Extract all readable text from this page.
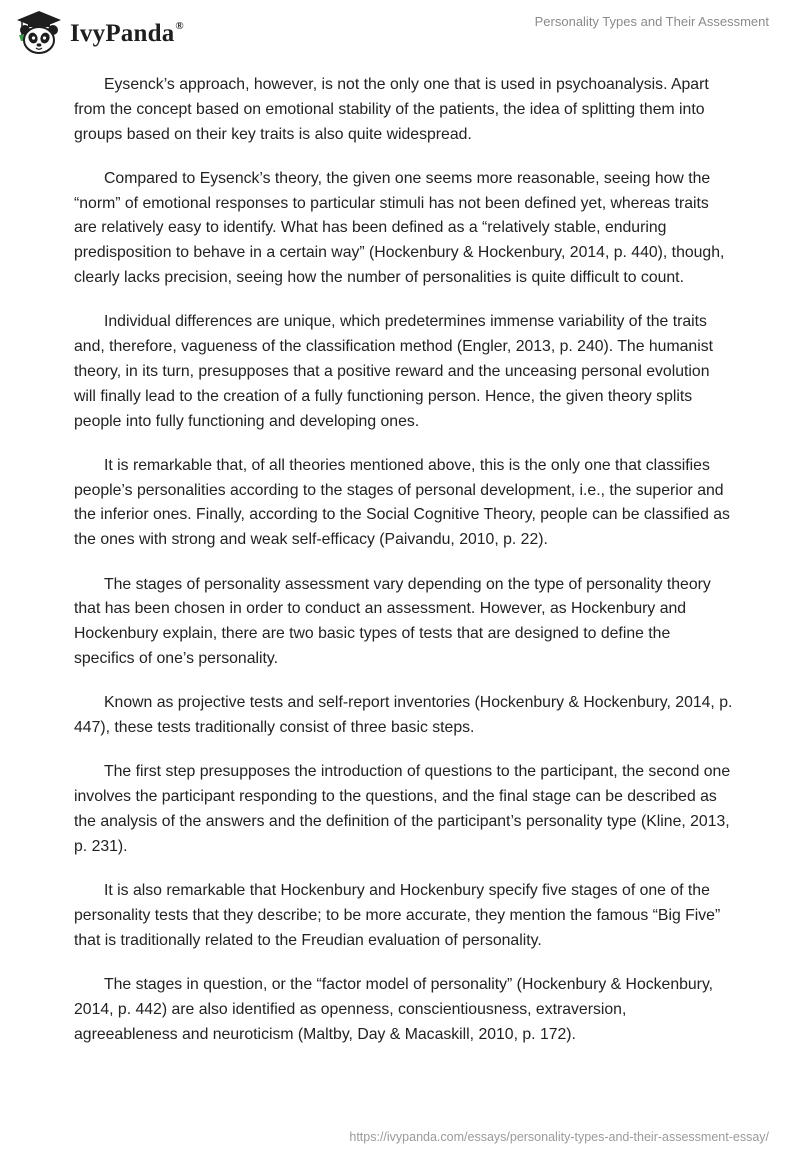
IvyPanda®	Personality Types and Their Assessment

Eysenck’s approach, however, is not the only one that is used in psychoanalysis. Apart from the concept based on emotional stability of the patients, the idea of splitting them into groups based on their key traits is also quite widespread.

Compared to Eysenck’s theory, the given one seems more reasonable, seeing how the “norm” of emotional responses to particular stimuli has not been defined yet, whereas traits are relatively easy to identify. What has been defined as a “relatively stable, enduring predisposition to behave in a certain way” (Hockenbury & Hockenbury, 2014, p. 440), though, clearly lacks precision, seeing how the number of personalities is quite difficult to count.

Individual differences are unique, which predetermines immense variability of the traits and, therefore, vagueness of the classification method (Engler, 2013, p. 240). The humanist theory, in its turn, presupposes that a positive reward and the unceasing personal evolution will finally lead to the creation of a fully functioning person. Hence, the given theory splits people into fully functioning and developing ones.

It is remarkable that, of all theories mentioned above, this is the only one that classifies people’s personalities according to the stages of personal development, i.e., the superior and the inferior ones. Finally, according to the Social Cognitive Theory, people can be classified as the ones with strong and weak self-efficacy (Paivandu, 2010, p. 22).

The stages of personality assessment vary depending on the type of personality theory that has been chosen in order to conduct an assessment. However, as Hockenbury and Hockenbury explain, there are two basic types of tests that are designed to define the specifics of one’s personality.

Known as projective tests and self-report inventories (Hockenbury & Hockenbury, 2014, p. 447), these tests traditionally consist of three basic steps.

The first step presupposes the introduction of questions to the participant, the second one involves the participant responding to the questions, and the final stage can be described as the analysis of the answers and the definition of the participant’s personality type (Kline, 2013, p. 231).

It is also remarkable that Hockenbury and Hockenbury specify five stages of one of the personality tests that they describe; to be more accurate, they mention the famous “Big Five” that is traditionally related to the Freudian evaluation of personality.

The stages in question, or the “factor model of personality” (Hockenbury & Hockenbury, 2014, p. 442) are also identified as openness, conscientiousness, extraversion, agreeableness and neuroticism (Maltby, Day & Macaskill, 2010, p. 172).

https://ivypanda.com/essays/personality-types-and-their-assessment-essay/
